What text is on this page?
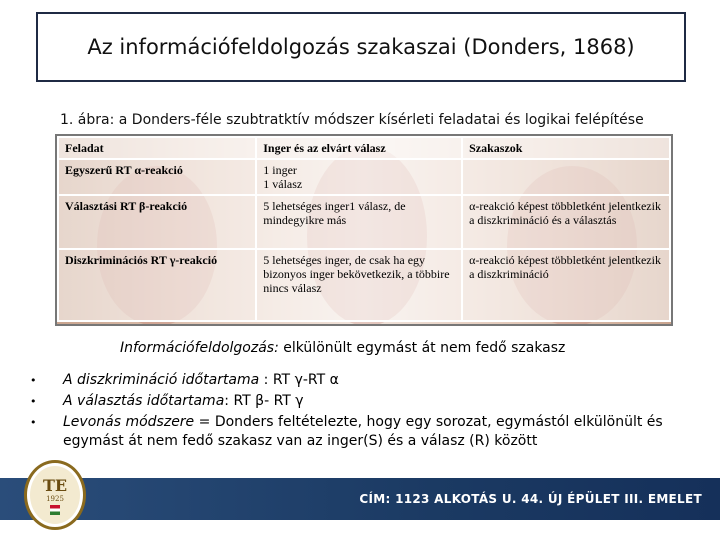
Az információfeldolgozás szakaszai (Donders, 1868)
1. ábra: a Donders-féle szubtratktív módszer kísérleti feladatai és logikai felépítése
Feladat	Inger és az elvárt válasz	Szakaszok
Egyszerű RT α-reakció	1 inger
1 válasz	

Választási RT β-reakció	5 lehetséges inger1 válasz, de mindegyikre más	α-reakció képest többletként jelentkezik a diszkrimináció és a választás
Diszkriminációs RT γ-reakció	5 lehetséges inger, de csak ha egy bizonyos inger bekövetkezik, a többire nincs válasz	α-reakció képest többletként jelentkezik a diszkrimináció
Információfeldolgozás: elkülönült egymást át nem fedő szakasz
• A diszkrimináció időtartama : RT γ-RT α
• A választás időtartama: RT β- RT γ
• Levonás módszere = Donders feltételezte, hogy egy sorozat, egymástól elkülönült és egymást át nem fedő szakasz van az inger(S) és a válasz (R) között
CÍM: 1123 ALKOTÁS U. 44. ÚJ ÉPÜLET III. EMELET
TE
1925
